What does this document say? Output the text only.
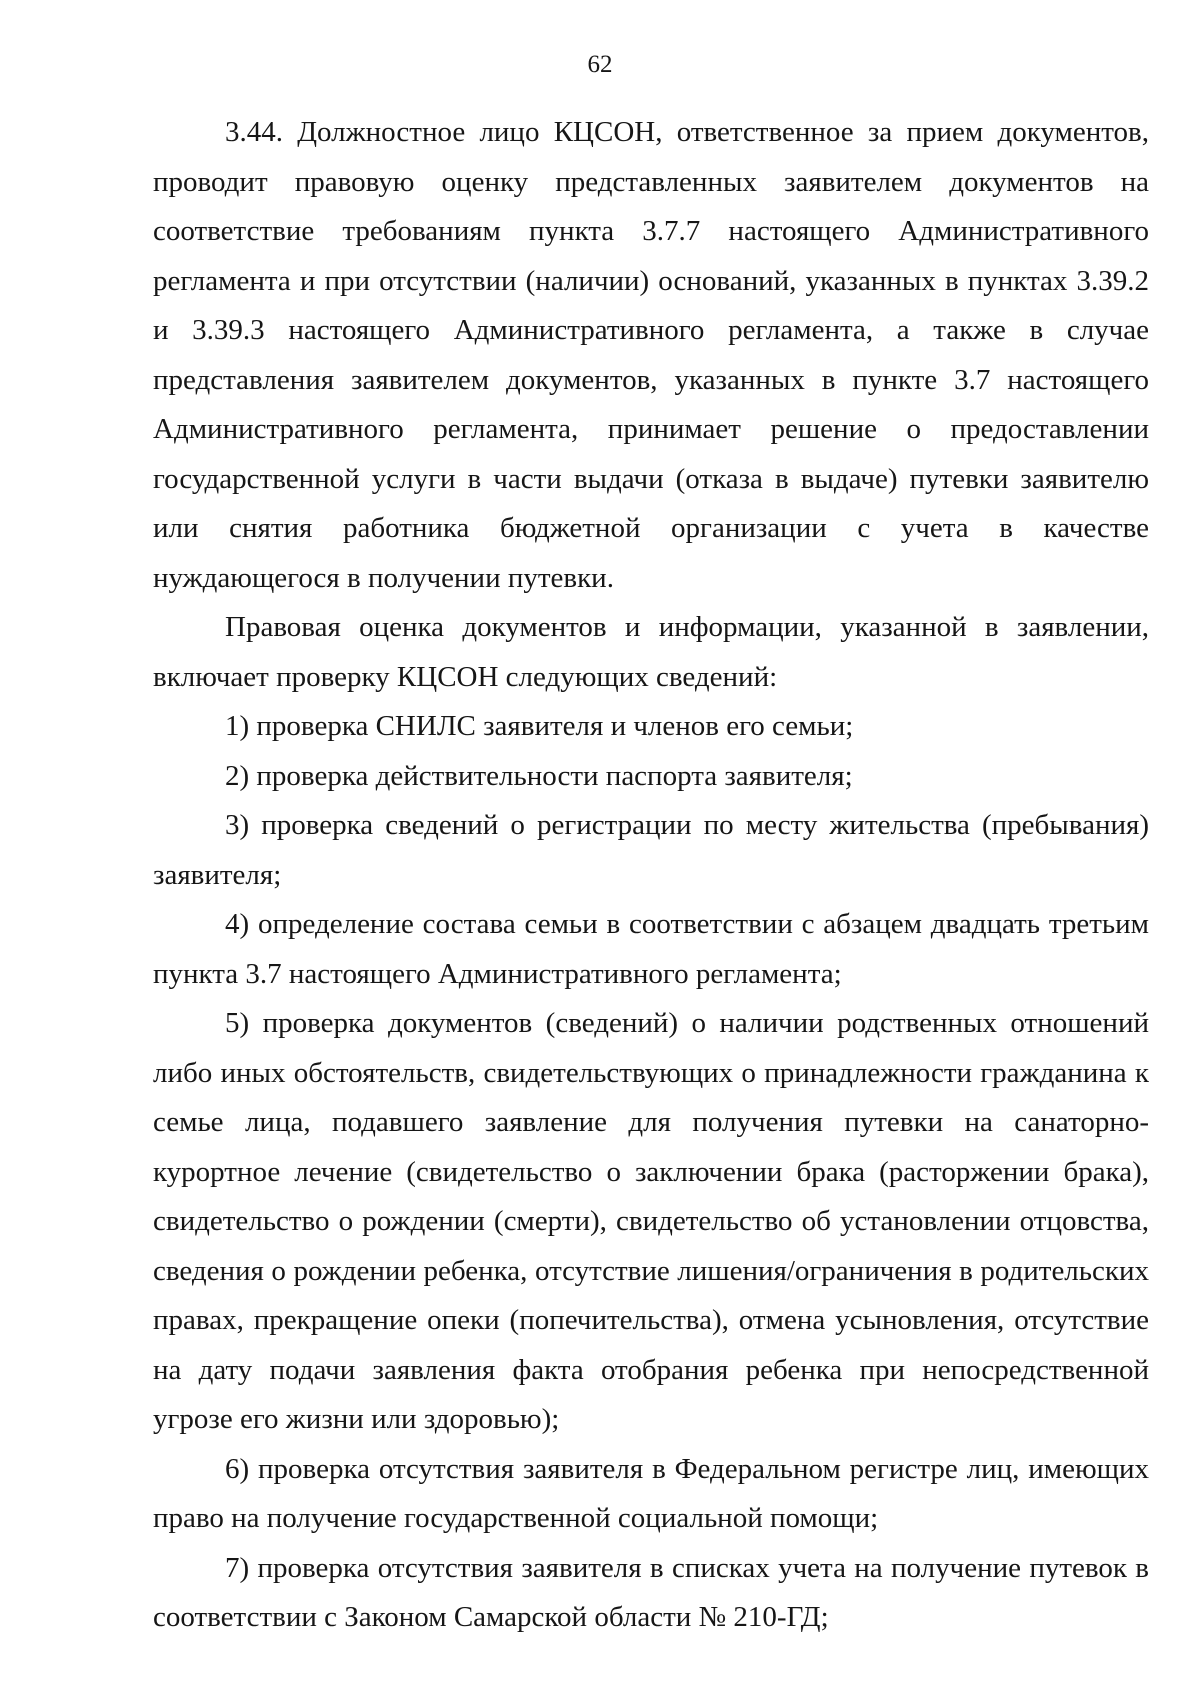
62

3.44. Должностное лицо КЦСОН, ответственное за прием документов, проводит правовую оценку представленных заявителем документов на соответствие требованиям пункта 3.7.7 настоящего Административного регламента и при отсутствии (наличии) оснований, указанных в пунктах 3.39.2 и 3.39.3 настоящего Административного регламента, а также в случае представления заявителем документов, указанных в пункте 3.7 настоящего Административного регламента, принимает решение о предоставлении государственной услуги в части выдачи (отказа в выдаче) путевки заявителю или снятия работника бюджетной организации с учета в качестве нуждающегося в получении путевки.

Правовая оценка документов и информации, указанной в заявлении, включает проверку КЦСОН следующих сведений:

1) проверка СНИЛС заявителя и членов его семьи;

2) проверка действительности паспорта заявителя;

3) проверка сведений о регистрации по месту жительства (пребывания) заявителя;

4) определение состава семьи в соответствии с абзацем двадцать третьим пункта 3.7 настоящего Административного регламента;

5) проверка документов (сведений) о наличии родственных отношений либо иных обстоятельств, свидетельствующих о принадлежности гражданина к семье лица, подавшего заявление для получения путевки на санаторно-курортное лечение (свидетельство о заключении брака (расторжении брака), свидетельство о рождении (смерти), свидетельство об установлении отцовства, сведения о рождении ребенка, отсутствие лишения/ограничения в родительских правах, прекращение опеки (попечительства), отмена усыновления, отсутствие на дату подачи заявления факта отобрания ребенка при непосредственной угрозе его жизни или здоровью);

6) проверка отсутствия заявителя в Федеральном регистре лиц, имеющих право на получение государственной социальной помощи;

7) проверка отсутствия заявителя в списках учета на получение путевок в соответствии с Законом Самарской области № 210-ГД;
